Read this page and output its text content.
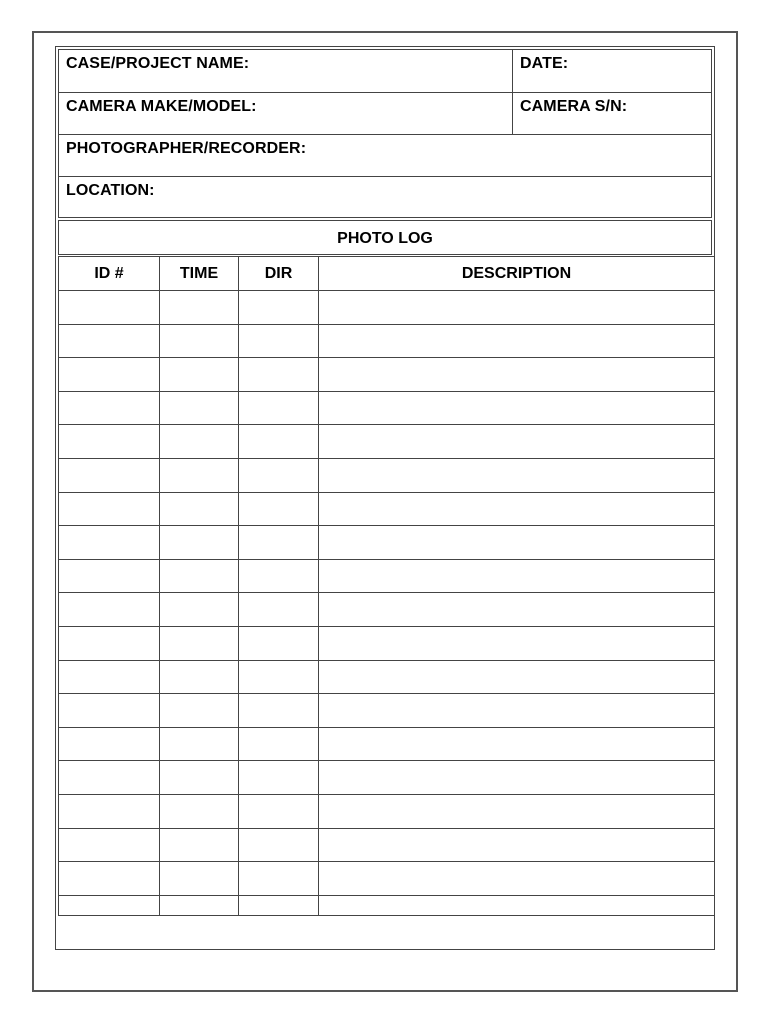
CASE/PROJECT NAME:	DATE:
CAMERA MAKE/MODEL:	CAMERA S/N:
PHOTOGRAPHER/RECORDER:
LOCATION:
PHOTO LOG
ID #	TIME	DIR	DESCRIPTION
